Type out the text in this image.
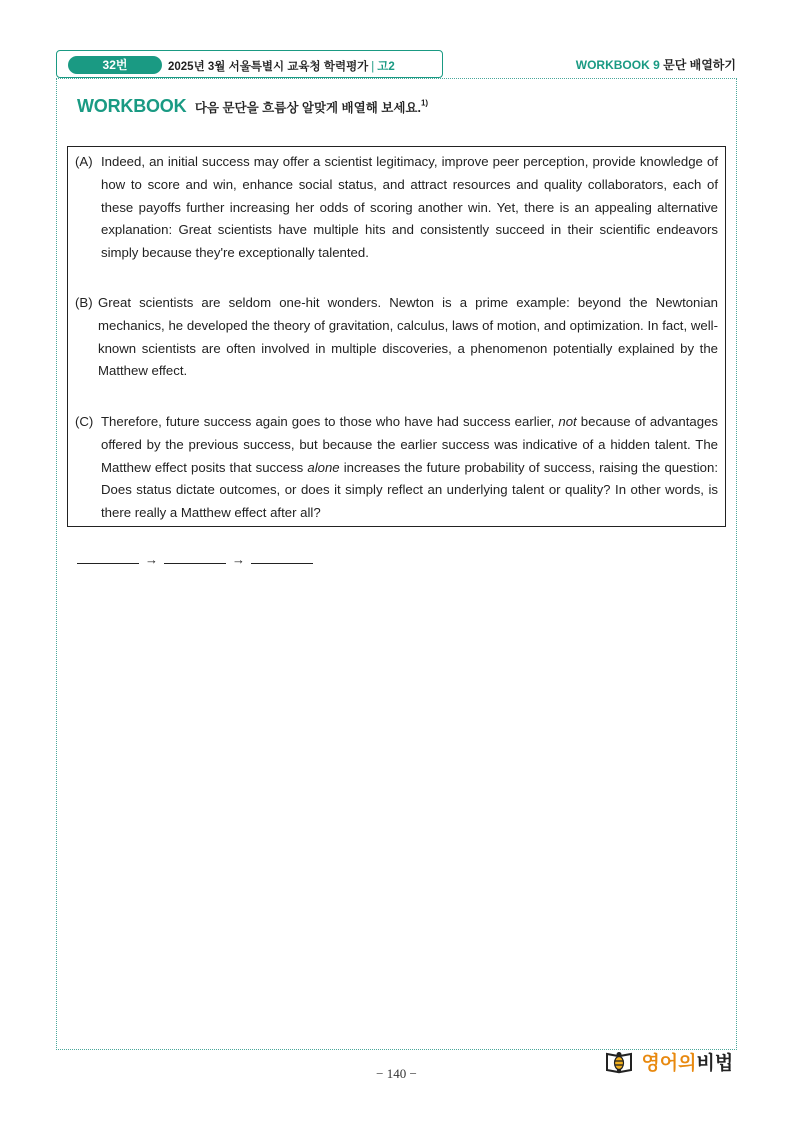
32번	2025년 3월 서울특별시 교육청 학력평가 | 고2	WORKBOOK 9 문단 배열하기
WORKBOOK 다음 문단을 흐름상 알맞게 배열해 보세요.$^{1)}$
(A) Indeed, an initial success may offer a scientist legitimacy, improve peer perception, provide knowledge of how to score and win, enhance social status, and attract resources and quality collaborators, each of these payoffs further increasing her odds of scoring another win. Yet, there is an appealing alternative explanation: Great scientists have multiple hits and consistently succeed in their scientific endeavors simply because they're exceptionally talented.
(B) Great scientists are seldom one-hit wonders. Newton is a prime example: beyond the Newtonian mechanics, he developed the theory of gravitation, calculus, laws of motion, and optimization. In fact, well-known scientists are often involved in multiple discoveries, a phenomenon potentially explained by the Matthew effect.
(C) Therefore, future success again goes to those who have had success earlier, not because of advantages offered by the previous success, but because the earlier success was indicative of a hidden talent. The Matthew effect posits that success alone increases the future probability of success, raising the question: Does status dictate outcomes, or does it simply reflect an underlying talent or quality? In other words, is there really a Matthew effect after all?
→	→
영어의비법
− 140 −
